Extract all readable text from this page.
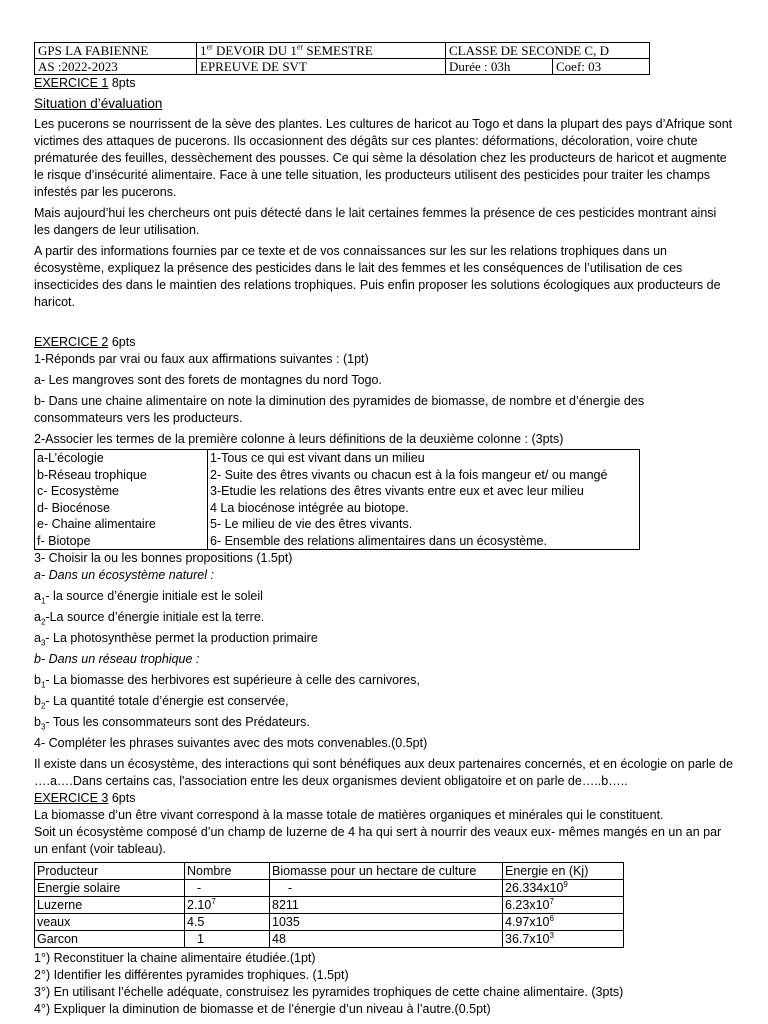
GPS LA FABIENNE	1er DEVOIR DU 1er SEMESTRE	CLASSE DE SECONDE C, D	
AS :2022-2023	EPREUVE DE SVT	Durée : 03h	Coef: 03

EXERCICE 1 8pts

Situation d’évaluation

Les pucerons se nourrissent de la sève des plantes. Les cultures de haricot au Togo et dans la plupart des pays d’Afrique sont victimes des attaques de pucerons. Ils occasionnent des dégâts sur ces plantes: déformations, décoloration, voire chute prématurée des feuilles, dessèchement des pousses. Ce qui sème la désolation chez les producteurs de haricot et augmente le risque d’insécurité alimentaire. Face à une telle situation, les producteurs utilisent des pesticides pour traiter les champs infestés par les pucerons.

Mais aujourd’hui les chercheurs ont puis détecté dans le lait certaines femmes la présence de ces pesticides montrant ainsi les dangers de leur utilisation.

A partir des informations fournies par ce texte et de vos connaissances sur les sur les relations trophiques dans un écosystème, expliquez la présence des pesticides dans le lait des femmes et les conséquences de l’utilisation de ces insecticides des dans le maintien des relations trophiques. Puis enfin proposer les solutions écologiques aux producteurs de haricot.

EXERCICE 2 6pts

1-Réponds par vrai ou faux aux affirmations suivantes : (1pt)

a- Les mangroves sont des forets de montagnes du nord Togo.

b- Dans une chaine alimentaire on note la diminution des pyramides de biomasse, de nombre et d’énergie des consommateurs vers les producteurs.

2-Associer les termes de la première colonne à leurs définitions de la deuxième colonne : (3pts)

a-L’écologie	1-Tous ce qui est vivant dans un milieu
b-Réseau trophique	2- Suite des êtres vivants ou chacun est à la fois mangeur et/ ou mangé
c- Ecosystème	3-Etudie les relations des êtres vivants entre eux et avec leur milieu
d- Biocénose	4 La biocénose intégrée au biotope.
e- Chaine alimentaire	5- Le milieu de vie des êtres vivants.
f- Biotope	6- Ensemble des relations alimentaires dans un écosystème.

3- Choisir la ou les bonnes propositions (1.5pt)

a- Dans un écosystème naturel :

$a_1-$ la source d’énergie initiale est le soleil

$a_2-La$ source d’énergie initiale est la terre.

$a_3-$ La photosynthèse permet la production primaire

b- Dans un réseau trophique :

$b_1-$ La biomasse des herbivores est supérieure à celle des carnivores,

$b_2-$ La quantité totale d’énergie est conservée,

$b_3-$ Tous les consommateurs sont des Prédateurs.

4- Compléter les phrases suivantes avec des mots convenables.(0.5pt)

Il existe dans un écosystème, des interactions qui sont bénéfiques aux deux partenaires concernés, et en écologie on parle de ….a….Dans certains cas, l'association entre les deux organismes devient obligatoire et on parle de…..b…..

EXERCICE 3 6pts

La biomasse d’un être vivant correspond à la masse totale de matières organiques et minérales qui le constituent.

Soit un écosystème composé d’un champ de luzerne de 4 ha qui sert à nourrir des veaux eux- mêmes mangés en un an par un enfant (voir tableau).

Producteur	Nombre	Biomasse pour un hectare de culture	Energie en (Kj)
Energie solaire	-	-	$26.334x10^9$
Luzerne	2.10$^7$	8211	$6.23x10^7$
veaux	4.5	1035	$4.97x10^6$
Garcon	1	48	$36.7x10^3$

1°) Reconstituer la chaine alimentaire étudiée.(1pt)

2°) Identifier les différentes pyramides trophiques. (1.5pt)

3°) En utilisant l’échelle adéquate, construisez les pyramides trophiques de cette chaine alimentaire. (3pts)

4°) Expliquer la diminution de biomasse et de l’énergie d’un niveau à l’autre.(0.5pt)
